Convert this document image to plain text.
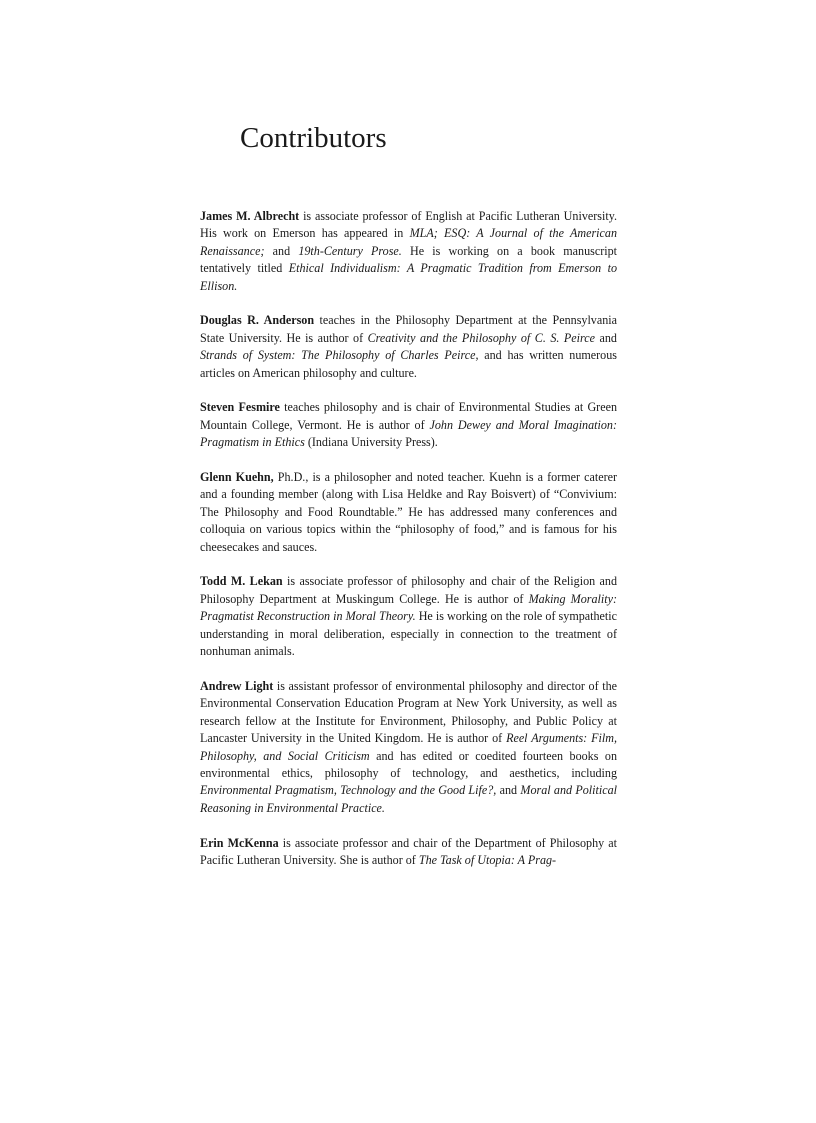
Contributors

James M. Albrecht is associate professor of English at Pacific Lutheran University. His work on Emerson has appeared in MLA; ESQ: A Journal of the American Renaissance; and 19th-Century Prose. He is working on a book manuscript tentatively titled Ethical Individualism: A Pragmatic Tradition from Emerson to Ellison.

Douglas R. Anderson teaches in the Philosophy Department at the Pennsylvania State University. He is author of Creativity and the Philosophy of C. S. Peirce and Strands of System: The Philosophy of Charles Peirce, and has written numerous articles on American philosophy and culture.

Steven Fesmire teaches philosophy and is chair of Environmental Studies at Green Mountain College, Vermont. He is author of John Dewey and Moral Imagination: Pragmatism in Ethics (Indiana University Press).

Glenn Kuehn, Ph.D., is a philosopher and noted teacher. Kuehn is a former caterer and a founding member (along with Lisa Heldke and Ray Boisvert) of “Convivium: The Philosophy and Food Roundtable.” He has addressed many conferences and colloquia on various topics within the “philosophy of food,” and is famous for his cheesecakes and sauces.

Todd M. Lekan is associate professor of philosophy and chair of the Religion and Philosophy Department at Muskingum College. He is author of Making Morality: Pragmatist Reconstruction in Moral Theory. He is working on the role of sympathetic understanding in moral deliberation, especially in connection to the treatment of nonhuman animals.

Andrew Light is assistant professor of environmental philosophy and director of the Environmental Conservation Education Program at New York University, as well as research fellow at the Institute for Environment, Philosophy, and Public Policy at Lancaster University in the United Kingdom. He is author of Reel Arguments: Film, Philosophy, and Social Criticism and has edited or coedited fourteen books on environmental ethics, philosophy of technology, and aesthetics, including Environmental Pragmatism, Technology and the Good Life?, and Moral and Political Reasoning in Environmental Practice.

Erin McKenna is associate professor and chair of the Department of Philosophy at Pacific Lutheran University. She is author of The Task of Utopia: A Prag-
